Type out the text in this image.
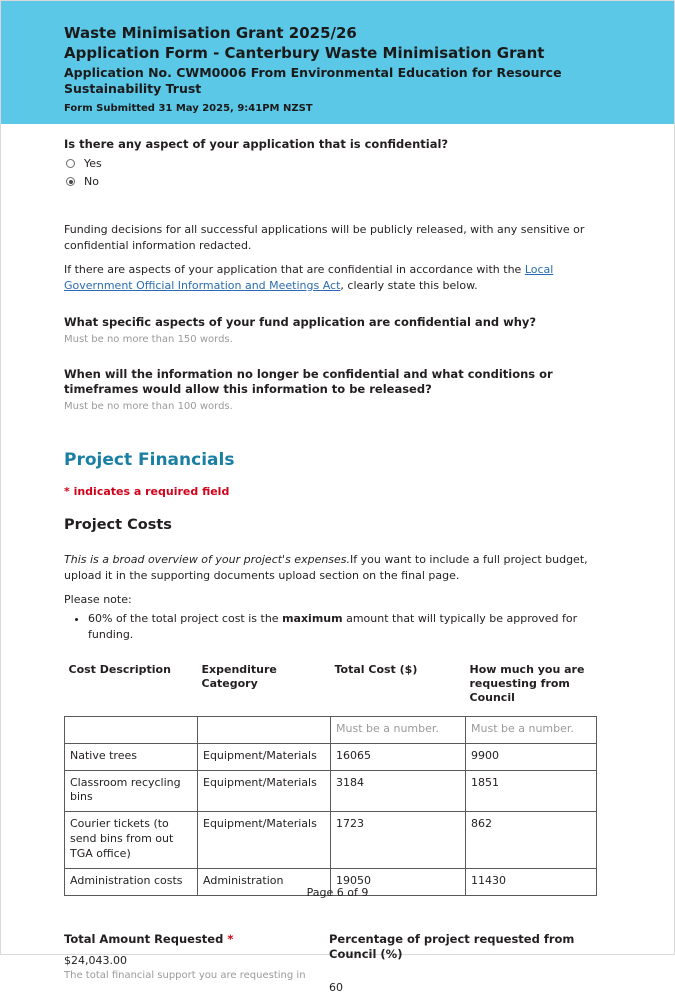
Waste Minimisation Grant 2025/26
Application Form - Canterbury Waste Minimisation Grant
Application No. CWM0006 From Environmental Education for Resource Sustainability Trust
Form Submitted 31 May 2025, 9:41PM NZST
Is there any aspect of your application that is confidential?
Yes
No
Funding decisions for all successful applications will be publicly released, with any sensitive or confidential information redacted.
If there are aspects of your application that are confidential in accordance with the Local Government Official Information and Meetings Act, clearly state this below.
What specific aspects of your fund application are confidential and why?
Must be no more than 150 words.
When will the information no longer be confidential and what conditions or timeframes would allow this information to be released?
Must be no more than 100 words.
Project Financials
* indicates a required field
Project Costs
This is a broad overview of your project's expenses.If you want to include a full project budget, upload it in the supporting documents upload section on the final page.
Please note:
• 60% of the total project cost is the maximum amount that will typically be approved for funding.
Cost Description	Expenditure Category	Total Cost ($)	How much you are requesting from Council
		Must be a number.	Must be a number.
Native trees	Equipment/Materials	16065	9900
Classroom recycling bins	Equipment/Materials	3184	1851
Courier tickets (to send bins from out TGA office)	Equipment/Materials	1723	862
Administration costs	Administration	19050	11430
Total Amount Requested *
$24,043.00
The total financial support you are requesting in
Percentage of project requested from Council (%)
60
Page 6 of 9
